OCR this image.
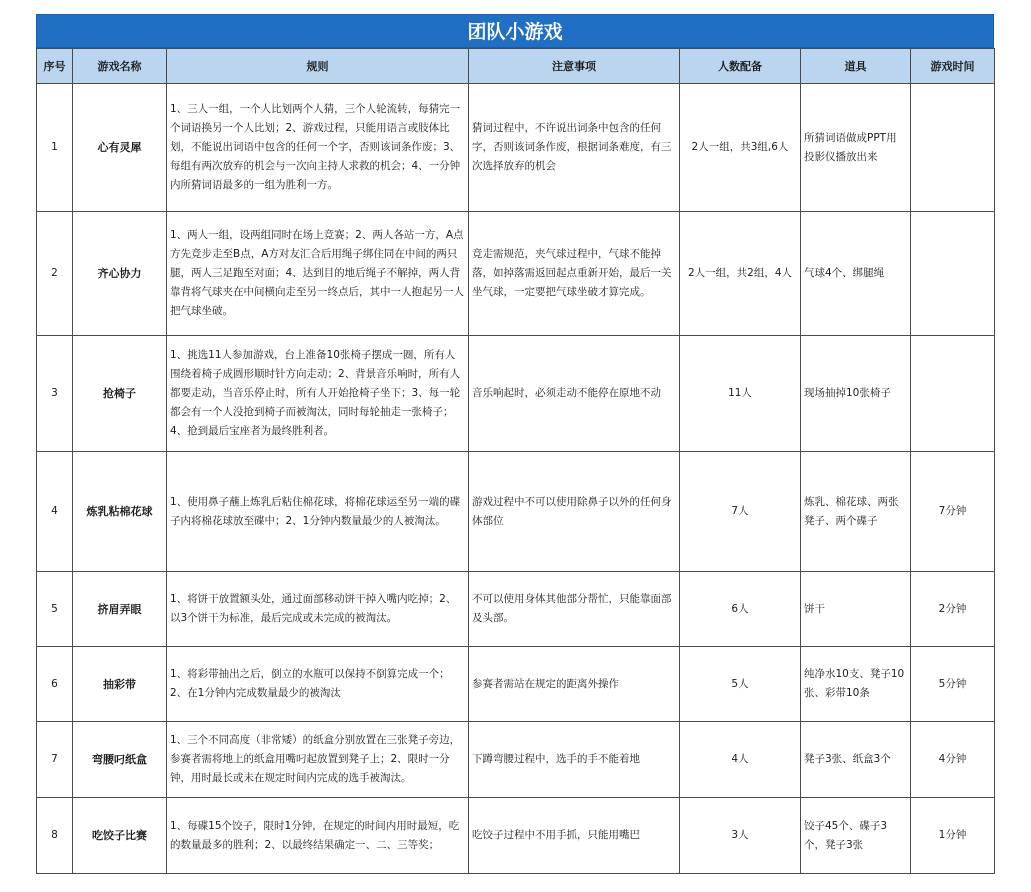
团队小游戏
序号	游戏名称	规则	注意事项	人数配备	道具	游戏时间
1	心有灵犀	1、三人一组，一个人比划两个人猜，三个人轮流转，每猜完一个词语换另一个人比划；2、游戏过程，只能用语言或肢体比划，不能说出词语中包含的任何一个字，否则该词条作废；3、每组有两次放弃的机会与一次向主持人求救的机会；4、一分钟内所猜词语最多的一组为胜利一方。	猜词过程中，不许说出词条中包含的任何字，否则该词条作废，根据词条难度，有三次选择放弃的机会	2人一组，共3组,6人	所猜词语做成PPT用投影仪播放出来	
2	齐心协力	1、两人一组，设两组同时在场上竞赛；2、两人各站一方，A点方先竞步走至B点，A方对友汇合后用绳子绑住同在中间的两只腿，两人三足跑至对面；4、达到目的地后绳子不解掉，两人背靠背将气球夹在中间横向走至另一终点后，其中一人抱起另一人把气球坐破。	竞走需规范，夹气球过程中，气球不能掉落，如掉落需返回起点重新开始，最后一关坐气球，一定要把气球坐破才算完成。	2人一组，共2组，4人	气球4个、绑腿绳	
3	抢椅子	1、挑选11人参加游戏，台上准备10张椅子摆成一圈，所有人围绕着椅子成圆形顺时针方向走动；2、背景音乐响时，所有人都要走动，当音乐停止时，所有人开始抢椅子坐下；3、每一轮都会有一个人没抢到椅子而被淘汰，同时每轮抽走一张椅子；4、抢到最后宝座者为最终胜利者。	音乐响起时，必须走动不能停在原地不动	11人	现场抽掉10张椅子	
4	炼乳粘棉花球	1、使用鼻子蘸上炼乳后粘住棉花球，将棉花球运至另一端的碟子内将棉花球放至碟中；2、1分钟内数量最少的人被淘汰。	游戏过程中不可以使用除鼻子以外的任何身体部位	7人	炼乳、棉花球、两张凳子、两个碟子	7分钟
5	挤眉弄眼	1、将饼干放置额头处，通过面部移动饼干掉入嘴内吃掉；2、以3个饼干为标准，最后完成或未完成的被淘汰。	不可以使用身体其他部分帮忙，只能靠面部及头部。	6人	饼干	2分钟
6	抽彩带	1、将彩带抽出之后，倒立的水瓶可以保持不倒算完成一个；2、在1分钟内完成数量最少的被淘汰	参赛者需站在规定的距离外操作	5人	纯净水10支、凳子10张、彩带10条	5分钟
7	弯腰叼纸盒	1、三个不同高度（非常矮）的纸盒分别放置在三张凳子旁边，参赛者需将地上的纸盒用嘴叼起放置到凳子上；2、限时一分钟，用时最长或未在规定时间内完成的选手被淘汰。	下蹲弯腰过程中，选手的手不能着地	4人	凳子3张、纸盒3个	4分钟
8	吃饺子比赛	1、每碟15个饺子，限时1分钟，在规定的时间内用时最短，吃的数量最多的胜利；2、以最终结果确定一、二、三等奖；	吃饺子过程中不用手抓，只能用嘴巴	3人	饺子45个、碟子3个，凳子3张	1分钟
